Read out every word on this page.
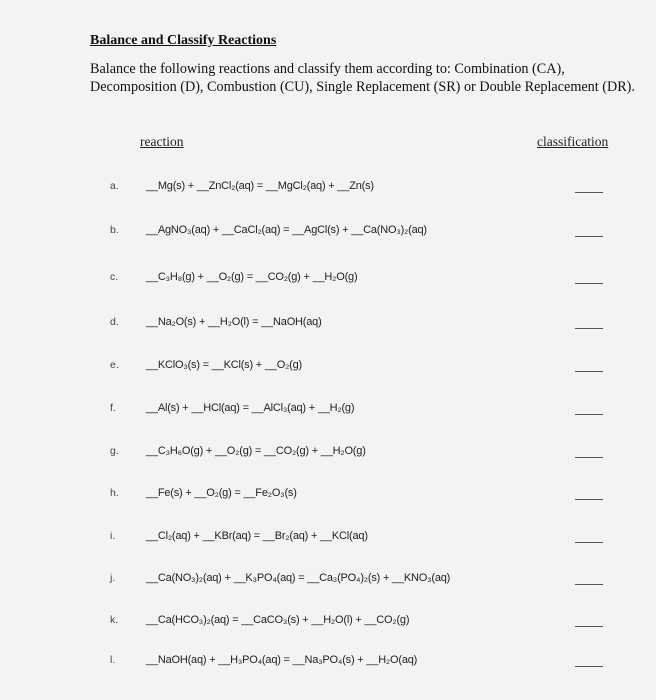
Balance and Classify Reactions
Balance the following reactions and classify them according to: Combination (CA), Decomposition (D), Combustion (CU), Single Replacement (SR) or Double Replacement (DR).
reaction	classification
a. __Mg(s) + __ZnCl₂(aq) = __MgCl₂(aq) + __Zn(s)
b. __AgNO₃(aq) + __CaCl₂(aq) = __AgCl(s) + __Ca(NO₃)₂(aq)
c.	__C₃H₈(g) + __O₂(g) = __CO₂(g) + __H₂O(g)
d. __Na₂O(s) + __H₂O(l) = __NaOH(aq)
e. __KClO₃(s) = __KCl(s) + __O₂(g)
f.	__Al(s) + __HCl(aq) = __AlCl₃(aq) + __H₂(g)
g. __C₃H₆O(g) + __O₂(g) = __CO₂(g) + __H₂O(g)
h. __Fe(s) + __O₂(g) = __Fe₂O₃(s)
i.	__Cl₂(aq) + __KBr(aq) = __Br₂(aq) + __KCl(aq)
j.	__Ca(NO₃)₂(aq) + __K₃PO₄(aq) = __Ca₃(PO₄)₂(s) + __KNO₃(aq)
k.	__Ca(HCO₃)₂(aq) = __CaCO₃(s) + __H₂O(l) + __CO₂(g)
l.	__NaOH(aq) + __H₃PO₄(aq) = __Na₃PO₄(s) + __H₂O(aq)
